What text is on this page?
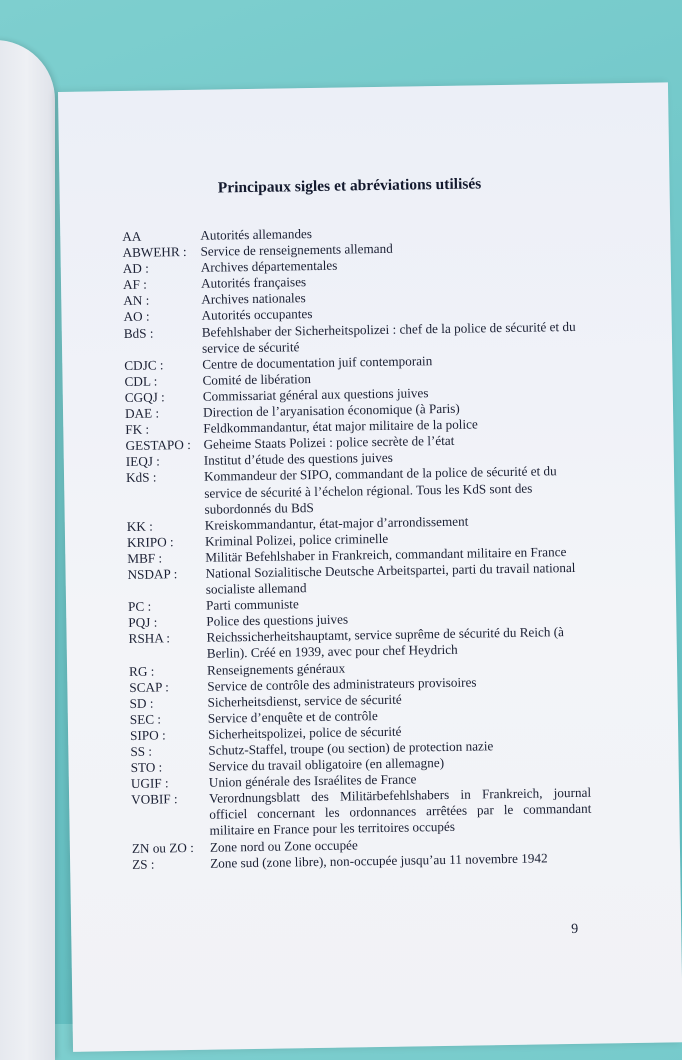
Principaux sigles et abréviations utilisés
AA	Autorités allemandes
ABWEHR :	Service de renseignements allemand
AD :	Archives départementales
AF :	Autorités françaises
AN :	Archives nationales
AO :	Autorités occupantes
BdS :	Befehlshaber der Sicherheitspolizei : chef de la police de sécurité et du service de sécurité
CDJC :	Centre de documentation juif contemporain
CDL :	Comité de libération
CGQJ :	Commissariat général aux questions juives
DAE :	Direction de l’aryanisation économique (à Paris)
FK :	Feldkommandantur, état major militaire de la police
GESTAPO : Geheime Staats Polizei : police secrète de l’état
IEQJ :	Institut d’étude des questions juives
KdS :	Kommandeur der SIPO, commandant de la police de sécurité et du service de sécurité à l’échelon régional. Tous les KdS sont des subordonnés du BdS
KK :	Kreiskommandantur, état-major d’arrondissement
KRIPO :	Kriminal Polizei, police criminelle
MBF :	Militär Befehlshaber in Frankreich, commandant militaire en France
NSDAP :	National Sozialitische Deutsche Arbeitspartei, parti du travail national socialiste allemand
PC :	Parti communiste
PQJ :	Police des questions juives
RSHA :	Reichssicherheitshauptamt, service suprême de sécurité du Reich (à Berlin). Créé en 1939, avec pour chef Heydrich
RG :	Renseignements généraux
SCAP :	Service de contrôle des administrateurs provisoires
SD :	Sicherheitsdienst, service de sécurité
SEC :	Service d’enquête et de contrôle
SIPO :	Sicherheitspolizei, police de sécurité
SS :	Schutz-Staffel, troupe (ou section) de protection nazie
STO :	Service du travail obligatoire (en allemagne)
UGIF :	Union générale des Israélites de France
VOBIF :	Verordnungsblatt des Militärbefehlshabers in Frankreich, journal officiel concernant les ordonnances arrêtées par le commandant militaire en France pour les territoires occupés
ZN ou ZO :	Zone nord ou Zone occupée
ZS :	Zone sud (zone libre), non-occupée jusqu’au 11 novembre 1942
9
